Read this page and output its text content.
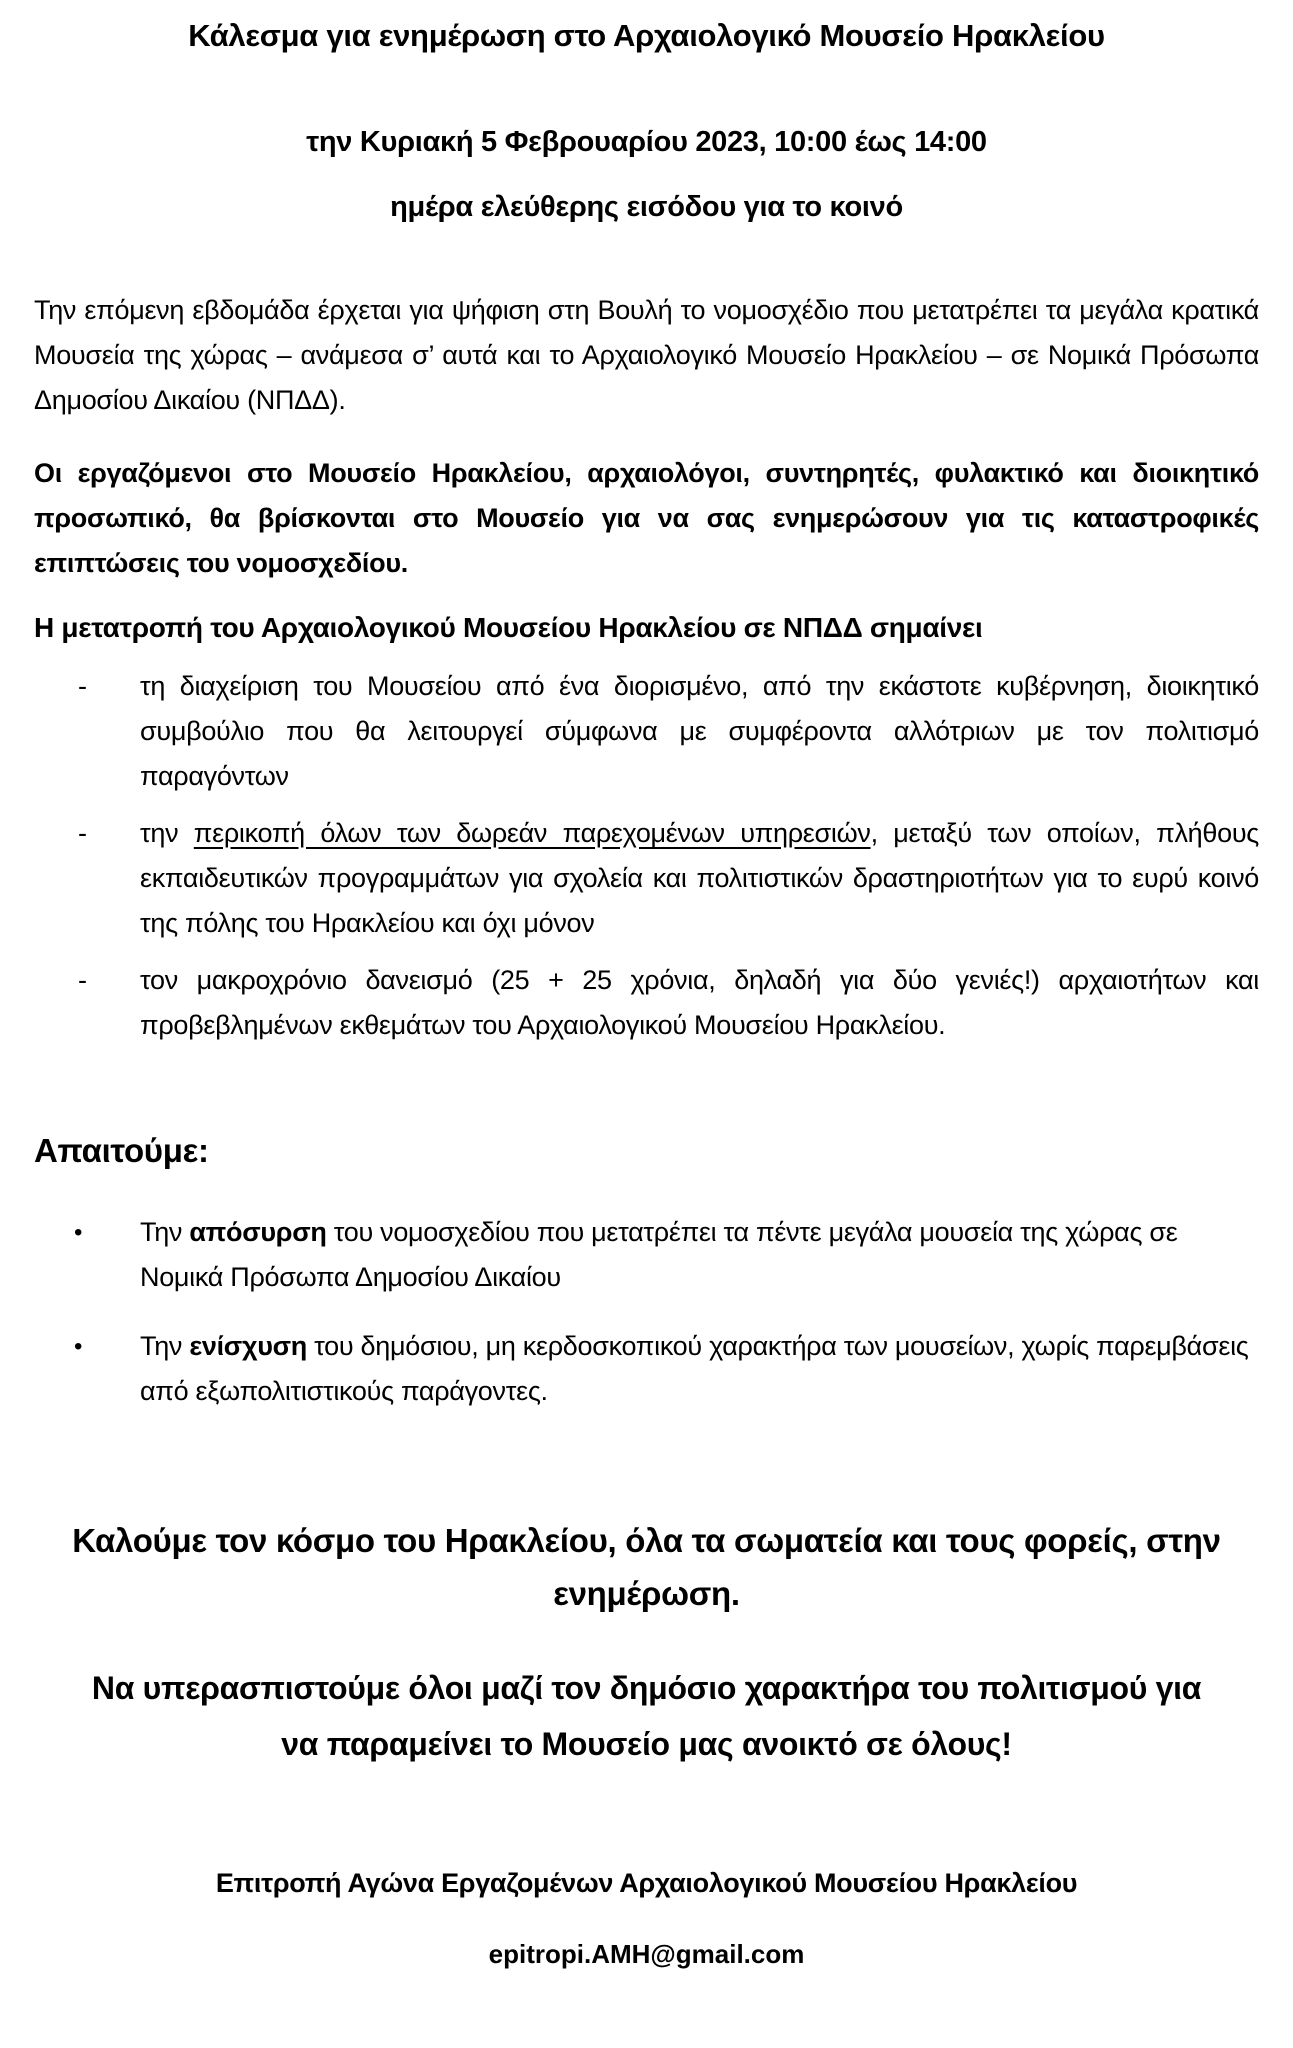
Κάλεσμα για ενημέρωση στο Αρχαιολογικό Μουσείο Ηρακλείου

την Κυριακή 5 Φεβρουαρίου 2023, 10:00 έως 14:00

ημέρα ελεύθερης εισόδου για το κοινό

Την επόμενη εβδομάδα έρχεται για ψήφιση στη Βουλή το νομοσχέδιο που μετατρέπει τα μεγάλα κρατικά Μουσεία της χώρας – ανάμεσα σ’ αυτά και το Αρχαιολογικό Μουσείο Ηρακλείου – σε Νομικά Πρόσωπα Δημοσίου Δικαίου (ΝΠΔΔ).

Οι εργαζόμενοι στο Μουσείο Ηρακλείου, αρχαιολόγοι, συντηρητές, φυλακτικό και διοικητικό προσωπικό, θα βρίσκονται στο Μουσείο για να σας ενημερώσουν για τις καταστροφικές επιπτώσεις του νομοσχεδίου.

Η μετατροπή του Αρχαιολογικού Μουσείου Ηρακλείου σε ΝΠΔΔ σημαίνει
-	τη διαχείριση του Μουσείου από ένα διορισμένο, από την εκάστοτε κυβέρνηση, διοικητικό συμβούλιο που θα λειτουργεί σύμφωνα με συμφέροντα αλλότριων με τον πολιτισμό παραγόντων
-	την περικοπή όλων των δωρεάν παρεχομένων υπηρεσιών, μεταξύ των οποίων, πλήθους εκπαιδευτικών προγραμμάτων για σχολεία και πολιτιστικών δραστηριοτήτων για το ευρύ κοινό της πόλης του Ηρακλείου και όχι μόνον
-	τον μακροχρόνιο δανεισμό (25 + 25 χρόνια, δηλαδή για δύο γενιές!) αρχαιοτήτων και προβεβλημένων εκθεμάτων του Αρχαιολογικού Μουσείου Ηρακλείου.
Απαιτούμε:
•	Την απόσυρση του νομοσχεδίου που μετατρέπει τα πέντε μεγάλα μουσεία της χώρας σε Νομικά Πρόσωπα Δημοσίου Δικαίου
•	Την ενίσχυση του δημόσιου, μη κερδοσκοπικού χαρακτήρα των μουσείων, χωρίς παρεμβάσεις από εξωπολιτιστικούς παράγοντες.

Καλούμε τον κόσμο του Ηρακλείου, όλα τα σωματεία και τους φορείς, στην ενημέρωση.

Να υπερασπιστούμε όλοι μαζί τον δημόσιο χαρακτήρα του πολιτισμού για να παραμείνει το Μουσείο μας ανοικτό σε όλους!

Επιτροπή Αγώνα Εργαζομένων Αρχαιολογικού Μουσείου Ηρακλείου

epitropi.AMH@gmail.com
